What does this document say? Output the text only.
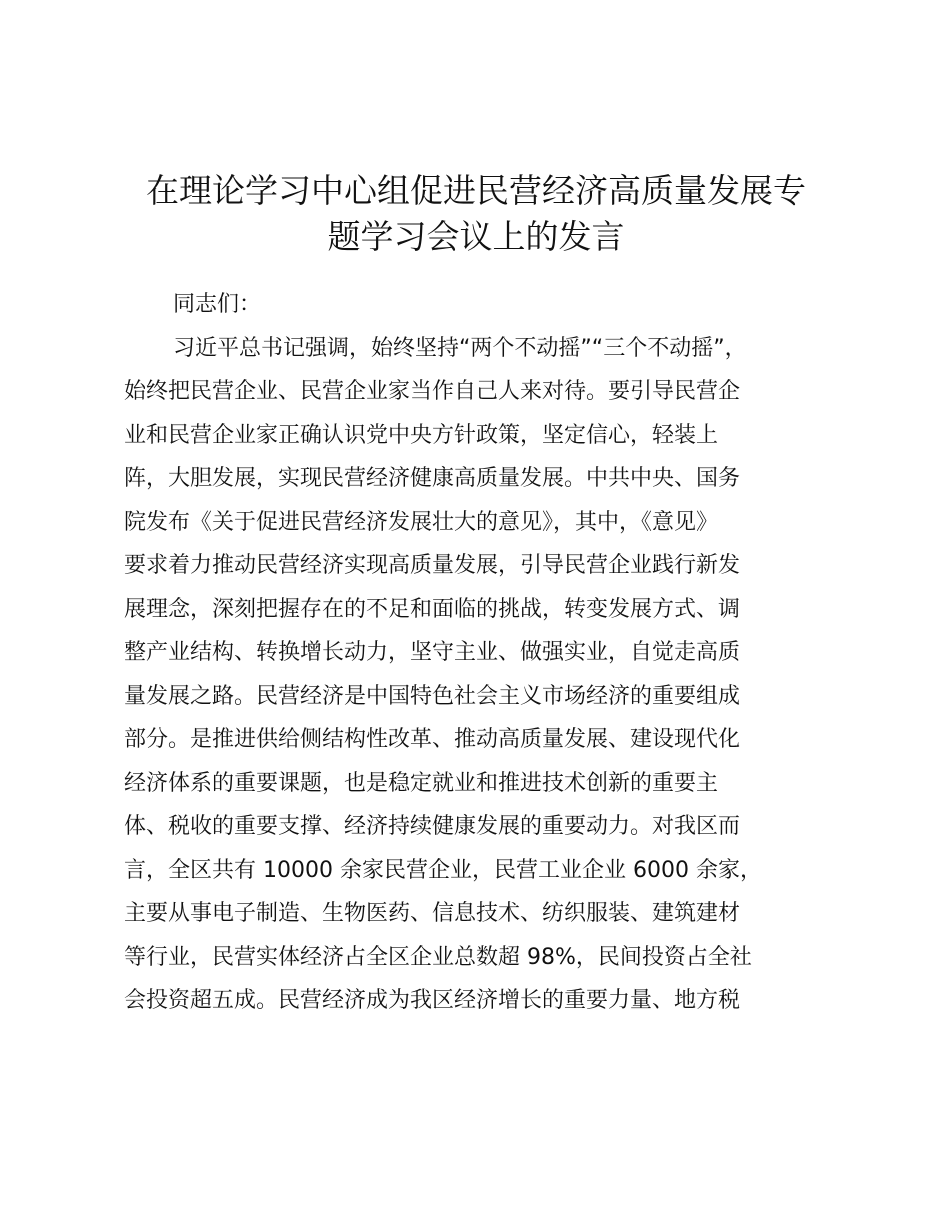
在理论学习中心组促进民营经济高质量发展专
题学习会议上的发言
同志们：
习近平总书记强调，始终坚持“两个不动摇”“三个不动摇”，
始终把民营企业、民营企业家当作自己人来对待。要引导民营企
业和民营企业家正确认识党中央方针政策，坚定信心，轻装上
阵，大胆发展，实现民营经济健康高质量发展。中共中央、国务
院发布《关于促进民营经济发展壮大的意见》，其中，《意见》
要求着力推动民营经济实现高质量发展，引导民营企业践行新发
展理念，深刻把握存在的不足和面临的挑战，转变发展方式、调
整产业结构、转换增长动力，坚守主业、做强实业，自觉走高质
量发展之路。民营经济是中国特色社会主义市场经济的重要组成
部分。是推进供给侧结构性改革、推动高质量发展、建设现代化
经济体系的重要课题，也是稳定就业和推进技术创新的重要主
体、税收的重要支撑、经济持续健康发展的重要动力。对我区而
言，全区共有 10000 余家民营企业，民营工业企业 6000 余家，
主要从事电子制造、生物医药、信息技术、纺织服装、建筑建材
等行业，民营实体经济占全区企业总数超 98%，民间投资占全社
会投资超五成。民营经济成为我区经济增长的重要力量、地方税
